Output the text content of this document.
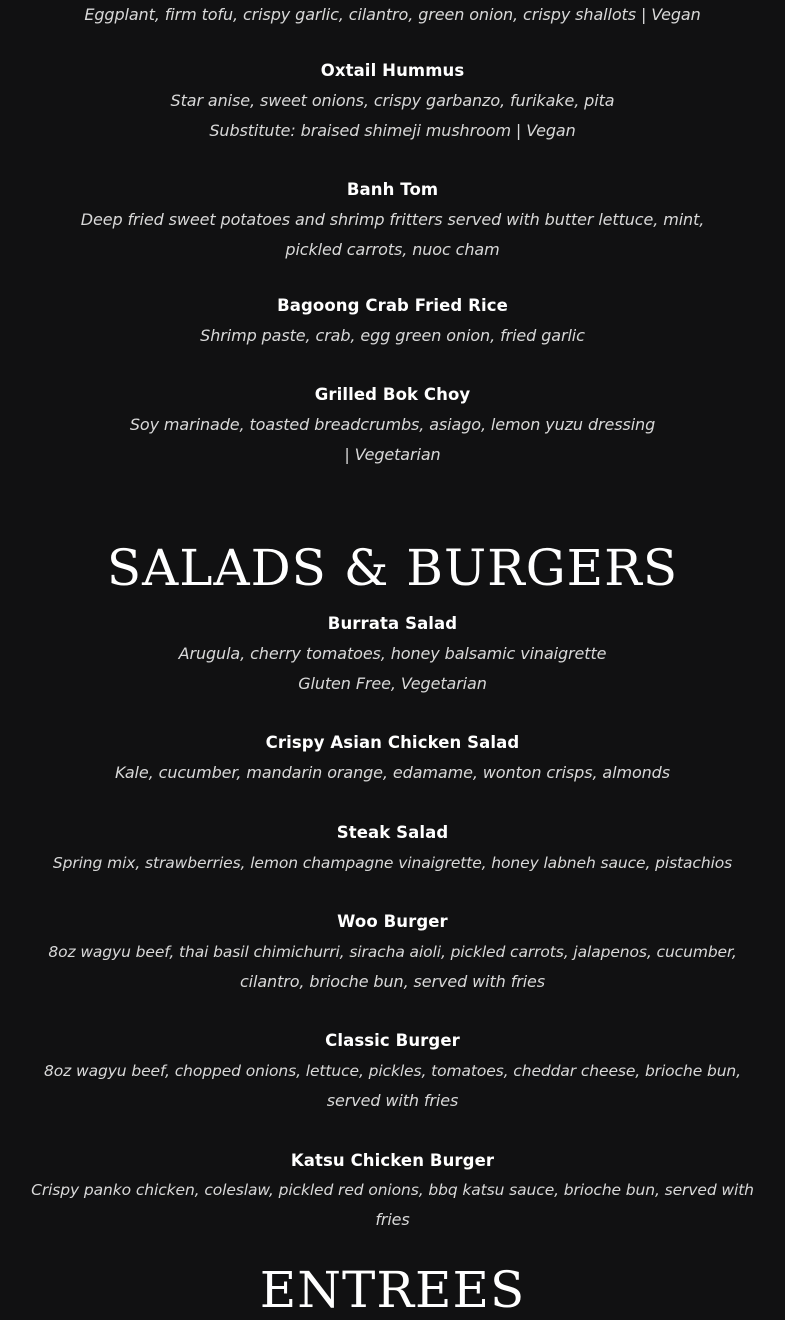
Eggplant, firm tofu, crispy garlic, cilantro, green onion, crispy shallots | Vegan
Oxtail Hummus
Star anise, sweet onions, crispy garbanzo, furikake, pita
Substitute: braised shimeji mushroom | Vegan
Banh Tom
Deep fried sweet potatoes and shrimp fritters served with butter lettuce, mint,
pickled carrots, nuoc cham
Bagoong Crab Fried Rice
Shrimp paste, crab, egg green onion, fried garlic
Grilled Bok Choy
Soy marinade, toasted breadcrumbs, asiago, lemon yuzu dressing
| Vegetarian
SALADS & BURGERS
Burrata Salad
Arugula, cherry tomatoes, honey balsamic vinaigrette
Gluten Free, Vegetarian
Crispy Asian Chicken Salad
Kale, cucumber, mandarin orange, edamame, wonton crisps, almonds
Steak Salad
Spring mix, strawberries, lemon champagne vinaigrette, honey labneh sauce, pistachios
Woo Burger
8oz wagyu beef, thai basil chimichurri, siracha aioli, pickled carrots, jalapenos, cucumber,
cilantro, brioche bun, served with fries
Classic Burger
8oz wagyu beef, chopped onions, lettuce, pickles, tomatoes, cheddar cheese, brioche bun,
served with fries
Katsu Chicken Burger
Crispy panko chicken, coleslaw, pickled red onions, bbq katsu sauce, brioche bun, served with
fries
ENTREES
